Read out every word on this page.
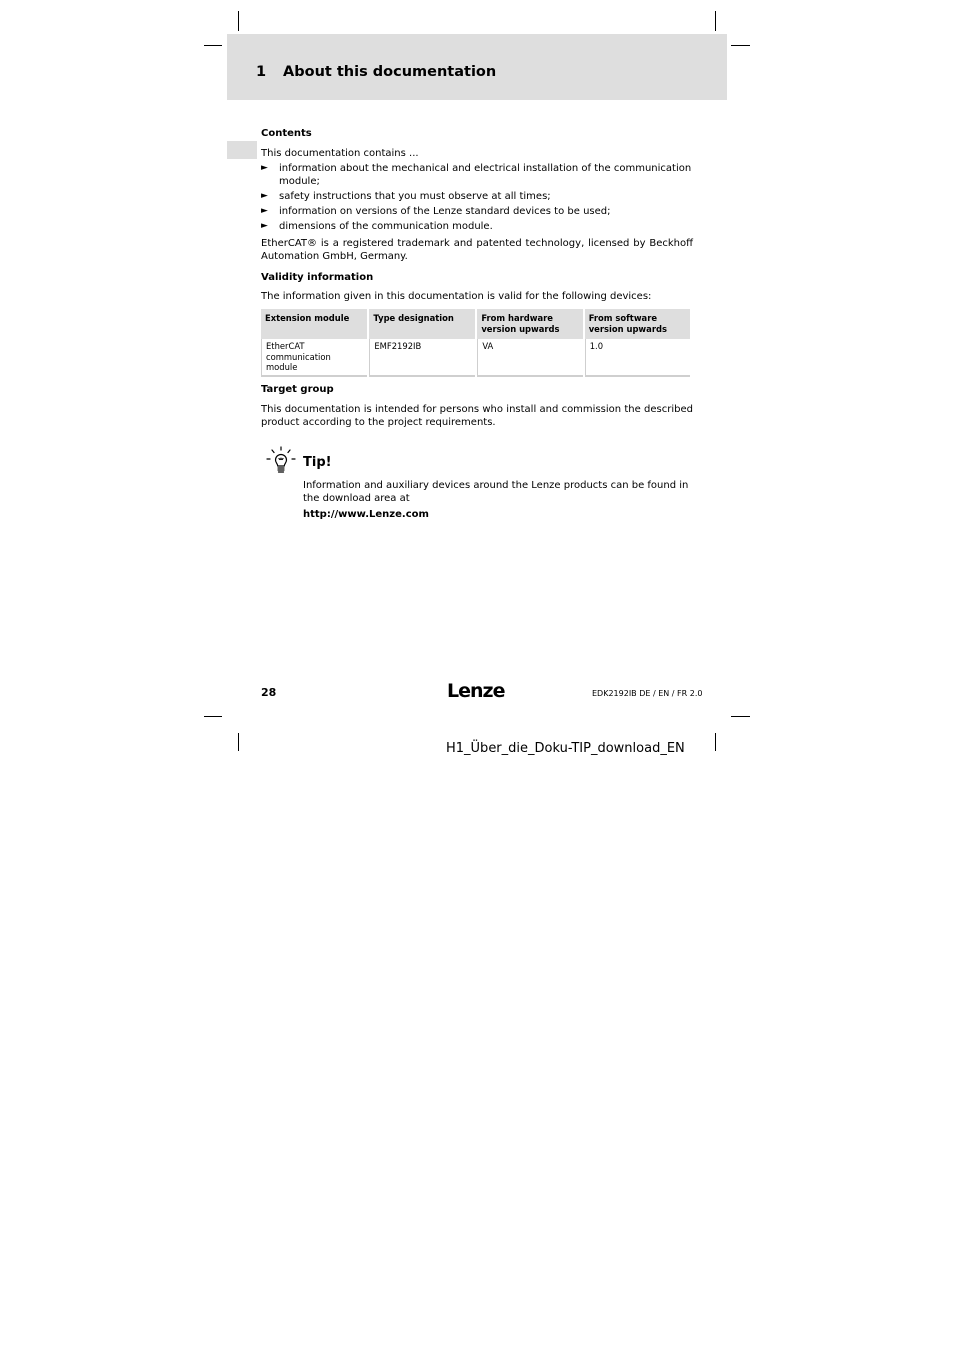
1 About this documentation
Contents
This documentation contains ...
► information about the mechanical and electrical installation of the communication module;
► safety instructions that you must observe at all times;
► information on versions of the Lenze standard devices to be used;
► dimensions of the communication module.
EtherCAT® is a registered trademark and patented technology, licensed by Beckhoff Automation GmbH, Germany.
Validity information
The information given in this documentation is valid for the following devices:
Extension module	Type designation	From hardware version upwards	From software version upwards
EtherCAT communication module	EMF2192IB	VA	1.0
Target group
This documentation is intended for persons who install and commission the described product according to the project requirements.
Tip!
Information and auxiliary devices around the Lenze products can be found in the download area at
http://www.Lenze.com
28	Lenze	EDK2192IB DE / EN / FR 2.0
H1_Über_die_Doku-TIP_download_EN
